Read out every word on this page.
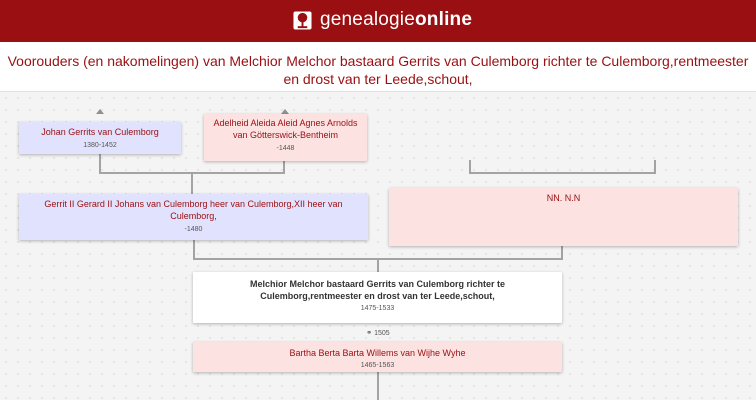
genealogieonline
Voorouders (en nakomelingen) van Melchior Melchor bastaard Gerrits van Culemborg richter te Culemborg,rentmeester en drost van ter Leede,schout,
Johan Gerrits van Culemborg
1380-1452
Adelheid Aleida Aleid Agnes Arnolds van Götterswick-Bentheim
-1448
Gerrit II Gerard II Johans van Culemborg heer van Culemborg,XII heer van Culemborg,
-1480
NN. N.N
Melchior Melchor bastaard Gerrits van Culemborg richter te Culemborg,rentmeester en drost van ter Leede,schout,
1475-1533
⚭ 1505
Bartha Berta Barta Willems van Wijhe Wyhe
1465-1563
